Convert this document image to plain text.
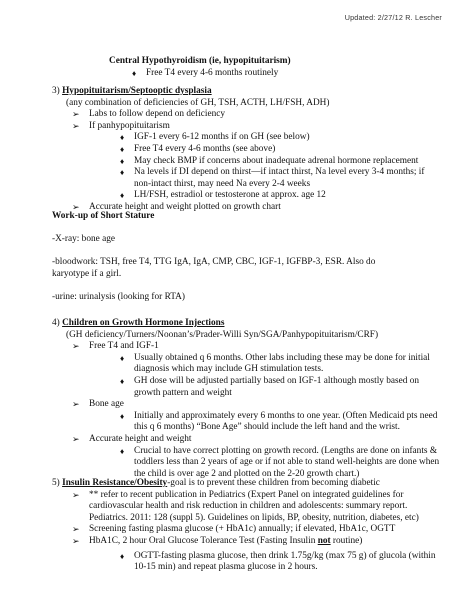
Updated: 2/27/12 R. Lescher
Central Hypothyroidism (ie, hypopituitarism)
♦ Free T4 every 4-6 months routinely
3) Hypopituitarism/Septooptic dysplasia
(any combination of deficiencies of GH, TSH, ACTH, LH/FSH, ADH)
➢ Labs to follow depend on deficiency
➢ If panhypopituitarism
♦ IGF-1 every 6-12 months if on GH (see below)
♦ Free T4 every 4-6 months (see above)
♦ May check BMP if concerns about inadequate adrenal hormone replacement
♦ Na levels if DI depend on thirst—if intact thirst, Na level every 3-4 months; if
non-intact thirst, may need Na every 2-4 weeks
♦ LH/FSH, estradiol or testosterone at approx. age 12
➢ Accurate height and weight plotted on growth chart
Work-up of Short Stature
-X-ray: bone age
-bloodwork: TSH, free T4, TTG IgA, IgA, CMP, CBC, IGF-1, IGFBP-3, ESR. Also do
karyotype if a girl.
-urine: urinalysis (looking for RTA)
4) Children on Growth Hormone Injections
(GH deficiency/Turners/Noonan’s/Prader-Willi Syn/SGA/Panhypopituitarism/CRF)
➢ Free T4 and IGF-1
♦ Usually obtained q 6 months. Other labs including these may be done for initial
diagnosis which may include GH stimulation tests.
♦ GH dose will be adjusted partially based on IGF-1 although mostly based on
growth pattern and weight
➢ Bone age
♦ Initially and approximately every 6 months to one year. (Often Medicaid pts need
this q 6 months) “Bone Age” should include the left hand and the wrist.
➢ Accurate height and weight
♦ Crucial to have correct plotting on growth record. (Lengths are done on infants &
toddlers less than 2 years of age or if not able to stand well-heights are done when
the child is over age 2 and plotted on the 2-20 growth chart.)
5) Insulin Resistance/Obesity-goal is to prevent these children from becoming diabetic
➢ ** refer to recent publication in Pediatrics (Expert Panel on integrated guidelines for
cardiovascular health and risk reduction in children and adolescents: summary report.
Pediatrics. 2011: 128 (suppl 5). Guidelines on lipids, BP, obesity, nutrition, diabetes, etc)
➢ Screening fasting plasma glucose (+ HbA1c) annually; if elevated, HbA1c, OGTT
➢ HbA1C, 2 hour Oral Glucose Tolerance Test (Fasting Insulin not routine)
♦ OGTT-fasting plasma glucose, then drink 1.75g/kg (max 75 g) of glucola (within
10-15 min) and repeat plasma glucose in 2 hours.
